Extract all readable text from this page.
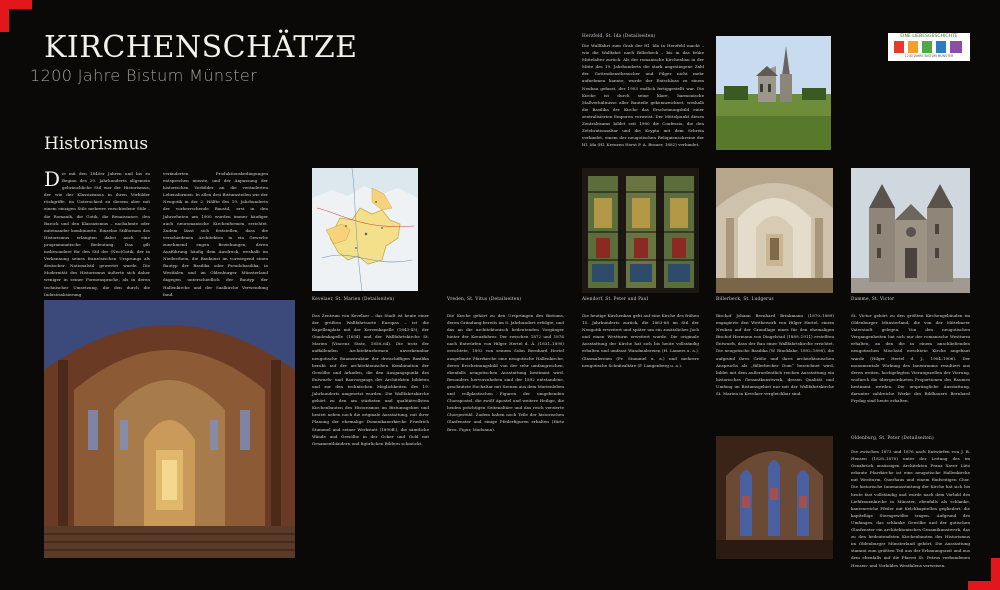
KIRCHENSCHÄTZE
1200 Jahre Bistum Münster
Historismus
Die mit den 1840er Jahren und bis zu Beginn des 20. Jahrhunderts allgemein gebräuchliche Stil war der Historismus, der wie der Klassizismus in ihren Vorbilder rückgriffe, im Unterschied zu diesem aber mit einem einzigen Stils mehrere verschiedene Stile – die Romanik, die Gotik, die Renaissance, den Barock und den Klassizismus – nachahmte oder miteinander kombinierte. Einzelne Stilformen des Historismus erlangten dabei auch eine programmatische Bedeutung. Das gilt insbesondere für den Stil der (Neo)Gotik, der in Verkennung seines französischen Ursprungs als deutscher Nationalstil gewertet wurde. Die Modernität des Historismus äußerte sich daher weniger in seiner Formensprache, als in deren technischer Umsetzung, die den durch die Industrialisierung
veränderten Produktionsbedingungen entsprechen musste, und der Anpassung der historischen Vorbilder an die veränderten Lebensformen. In allen drei Bistumsteilen wie der Neugotik in der 2. Hälfte des 19. Jahrhunderts der vorherrschende Baustil, erst in den Jahrzehnten um 1900 wurden immer häufiger auch neuromanische Kirchenformen errichtet. Zudem lässt sich feststellen, dass die verschiedenen Architekten in ein Gewerbe zunehmend engen Beziehungen, deren Ausführung häufig dem Ausdruck, weshalb im Niederrhein, die Baukunst im vorwiegend einen Bautyp der Basilika oder Pseudobasilika, in Westfalen und im Oldenburger Münsterland dagegen unterschiedlich der Bautyp der Hallenkirche und der Saalkirche Verwendung fand.
Herzfeld, St. Ida (Detailseiten)
Die Wallfahrt zum Grab der Hl. Ida in Herzfeld macht – wie die Wallfahrt nach Billerbeck – bis in das frühe Mittelalter zurück. Als der romanische Kirchenbau in der Mitte des 19. Jahrhunderts die stark angestiegene Zahl der Gottesdienstbesucher und Pilger nicht mehr aufnehmen konnte, wurde der Entschluss zu einem Neubau gefasst, der 1903 endlich fertiggestellt war. Die Kirche ist durch seine klare, harmonische Maßverhältnisse aller Bauteile gekennzeichnet, weshalb die Basilika der Kirche das Erscheinungsbild einer zentralisierten Emporen vorweist. Der Mittelpunkt dieses Zentralraums bildet seit 1980 die Confessio, die den Zelebrationsaltar und die Krypta mit dem Schrein verbindet, einem der neugotischen Reliquienschreine der Hl. Ida (Hl. Kreuzen Horst P. A. Brauer, 1882) verbindet.
EINE LIEBESGESCHICHTE
1200 JAHRE BISTUM MÜNSTER
Kevelaer, St. Marien (Detailseiten)	Vreden, St. Vitus (Detailseiten)	Alendorf, St. Peter und Paul	Billerbeck, St. Ludgerus	Damme, St. Victor
Das Zentrum von Kevelaer – das Stadt ist heute einer der größten Wallfahrtsorte Europas – ist die Kapellenplatz mit der Kerzenkapelle (1643-45), der Gnadenkapelle (1654) und der Wallfahrtskirche St. Marien (Vincenz Statz, 1858–64). Die trotz der auffallenden Architekturformen unverkennbar neugotische Raumstruktur der dreischiffigen Basilika beruht auf der architektonischen Kombination der Gewölbe und Arkaden, die den Ausgangspunkt des Entwurfs- und Bauvorgangs des Architekten bildeten und zur den technischen Möglichkeiten des 19. Jahrhunderts umgesetzt wurden. Die Wallfahrtskirche gehört zu den am stärksten und qualitätvollsten Kirchenbauten des Historismus im Bistumsgebiet und besitzt neben noch die originale Ausstattung, mit ihrer Planung der ehemalige Dominikanerkirche Friedrich Stummel und seiner Werkstatt (1890ff.), die sämtliche Wände und Gewölbe in der Ocker und Gold mit Ornamentbändern und figürlichen Bildern schmückt.
Die Kirche gehört zu den Ursprüngen des Bistums, deren Gründung bereits im 8. Jahrhundert erfolgte, und das an die architektonisch bedeutenden Vorgänger hinter der Kreuzfahrer. Der zwischen 1872 und 1876 nach Entwürfen von Hilger Hertel d. Ä. (1831–1890) errichtete, 1892 von seinem Sohn Bernhard Hertel ausgebaute Pfarrkirche eine neugotische Hallenkirche, deren Erscheinungsbild von der sehr umfangreichen, ebenfalls neugotischen Ausstattung bestimmt wird. Besonders hervorzuheben sind der 1892 entstandene, geschnitzte Hochaltar mit Szenen aus dem Marienleben und vollplastischen Figuren der umgebenden Chorapostel, die zwölf Apostel und weitere Heilige, die beiden prächtigen Seitenaltäre und das reich verzierte Chorgestühl. Zudem haben noch Teile der historischen Glasfenster und einige Pfeilerfiguren erhalten (Hirtz Bros. Figur, Madonna).
Die heutige Kirchenbau geht auf eine Kirche des frühen 15. Jahrhunderts zurück, die 1863-68 im Stil der Neugotik erweitert und später um ein zusätzliches Joch und einen Westturm erweitert wurde. Die originale Ausstattung der Kirche hat sich bis heute vollständig erhalten und umfasst Wandmalereien (H. Lamers u. a.), Glasmalereien (Fr. Stummel u. a.) und mehrere neugotische Schnitzaltäre (F. Langenberg u. a.).
Bischof Johann Bernhard Brinkmann (1870–1889) engagierte den Wettbewerb von Hilger Hertel, einem Neubau auf der Grundlage eines für den ehemaligen Bischof Hermann von Dingelstad (1889–1911) erstellten Entwurfs, dass der Bau einer Wallfahrtskirche errichtet. Die neugotische Basilika (W. Rincklake, 1892–1898), die aufgrund ihres Größe und ihres architektonischen Anspruchs als „Billerbecker Dom“ bezeichnet wird, bildet mit dem außerordentlich reichen Ausstattung ein historisches Gesamtkunstwerk, dessen Qualität und Umfang im Bistumsgebiet nur mit der Wallfahrtskirche St. Marien in Kevelaer vergleichbar sind.
St. Victor gehört zu den größten Kirchengebäuden im Oldenburger Münsterland, die von der Mittelmeer Vaterstadt gelegen. Von den neugotischen Vergangenheiten hat sich nur der romanische Westturm erhalten, an den die in einem anschließenden neugotischen Mischstil errichtete Kirche angebaut wurde (Hilger Hertel d. J., 1904–1906). Der monumentale Wirkung des Innenraums resultiert aus deren weiten, hochgelegten Vierungszellen der Vierung, wodurch die übergeordneten Proportionen des Raumes bestimmt werden. Die ursprüngliche Ausstattung, darunter zahlreiche Werke des Bildhauers Bernhard Frydag sind heute erhalten.
Oldenburg, St. Peter (Detailseiten)
Die zwischen 1873 und 1876 nach Entwürfen von J. B. Hensen (1828–1870) unter der Leitung des im Osnabrück ansässigen Architekten Franz Xaver Lütz erbaute Pfarrkirche ist eine neugotische Hallenkirche mit Westturm, Querhaus und einem fünfseitigen Chor. Die historische Innenausstattung der Kirche hat sich bis heute fast vollständig und wurde nach dem Vorbild des Liebfrauenkirche in Münster, ebenfalls als schlanke, kantenreiche Pfeiler mit Kelchkapitellen gegliedert, die kapitellige Sterngewölbe tragen. Aufgrund des Umfanges, das schlanke Gewölbe und der gotischen Glasfenster ein architektonisches Gesamtkunstwerk, das zu den bedeutendsten Kirchenbauten des Historismus im Oldenburger Münsterland gehört. Die Ausstattung stammt zum größten Teil aus der Erbauungszeit und aus dem ebenfalls auf die Pfarrei St. Petrus verbundenen Hensen- und Vorbildes Westfalens verweisen.
